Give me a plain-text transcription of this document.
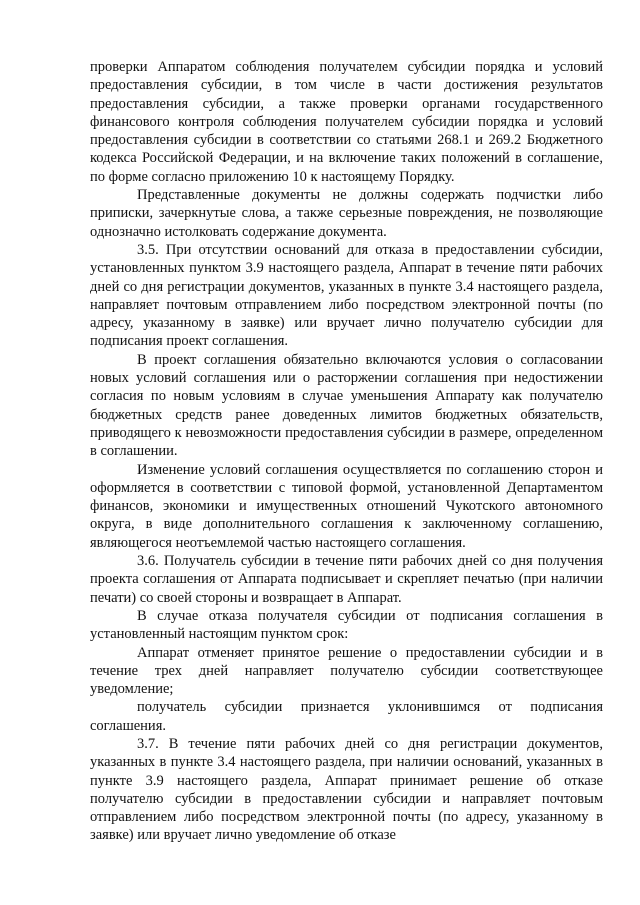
проверки Аппаратом соблюдения получателем субсидии порядка и условий предоставления субсидии, в том числе в части достижения результатов предоставления субсидии, а также проверки органами государственного финансового контроля соблюдения получателем субсидии порядка и условий предоставления субсидии в соответствии со статьями 268.1 и 269.2 Бюджетного кодекса Российской Федерации, и на включение таких положений в соглашение, по форме согласно приложению 10 к настоящему Порядку.

Представленные документы не должны содержать подчистки либо приписки, зачеркнутые слова, а также серьезные повреждения, не позволяющие однозначно истолковать содержание документа.

3.5. При отсутствии оснований для отказа в предоставлении субсидии, установленных пунктом 3.9 настоящего раздела, Аппарат в течение пяти рабочих дней со дня регистрации документов, указанных в пункте 3.4 настоящего раздела, направляет почтовым отправлением либо посредством электронной почты (по адресу, указанному в заявке) или вручает лично получателю субсидии для подписания проект соглашения.

В проект соглашения обязательно включаются условия о согласовании новых условий соглашения или о расторжении соглашения при недостижении согласия по новым условиям в случае уменьшения Аппарату как получателю бюджетных средств ранее доведенных лимитов бюджетных обязательств, приводящего к невозможности предоставления субсидии в размере, определенном в соглашении.

Изменение условий соглашения осуществляется по соглашению сторон и оформляется в соответствии с типовой формой, установленной Департаментом финансов, экономики и имущественных отношений Чукотского автономного округа, в виде дополнительного соглашения к заключенному соглашению, являющегося неотъемлемой частью настоящего соглашения.

3.6. Получатель субсидии в течение пяти рабочих дней со дня получения проекта соглашения от Аппарата подписывает и скрепляет печатью (при наличии печати) со своей стороны и возвращает в Аппарат.

В случае отказа получателя субсидии от подписания соглашения в установленный настоящим пунктом срок:

Аппарат отменяет принятое решение о предоставлении субсидии и в течение трех дней направляет получателю субсидии соответствующее уведомление;

получатель субсидии признается уклонившимся от подписания соглашения.

3.7. В течение пяти рабочих дней со дня регистрации документов, указанных в пункте 3.4 настоящего раздела, при наличии оснований, указанных в пункте 3.9 настоящего раздела, Аппарат принимает решение об отказе получателю субсидии в предоставлении субсидии и направляет почтовым отправлением либо посредством электронной почты (по адресу, указанному в заявке) или вручает лично уведомление об отказе
